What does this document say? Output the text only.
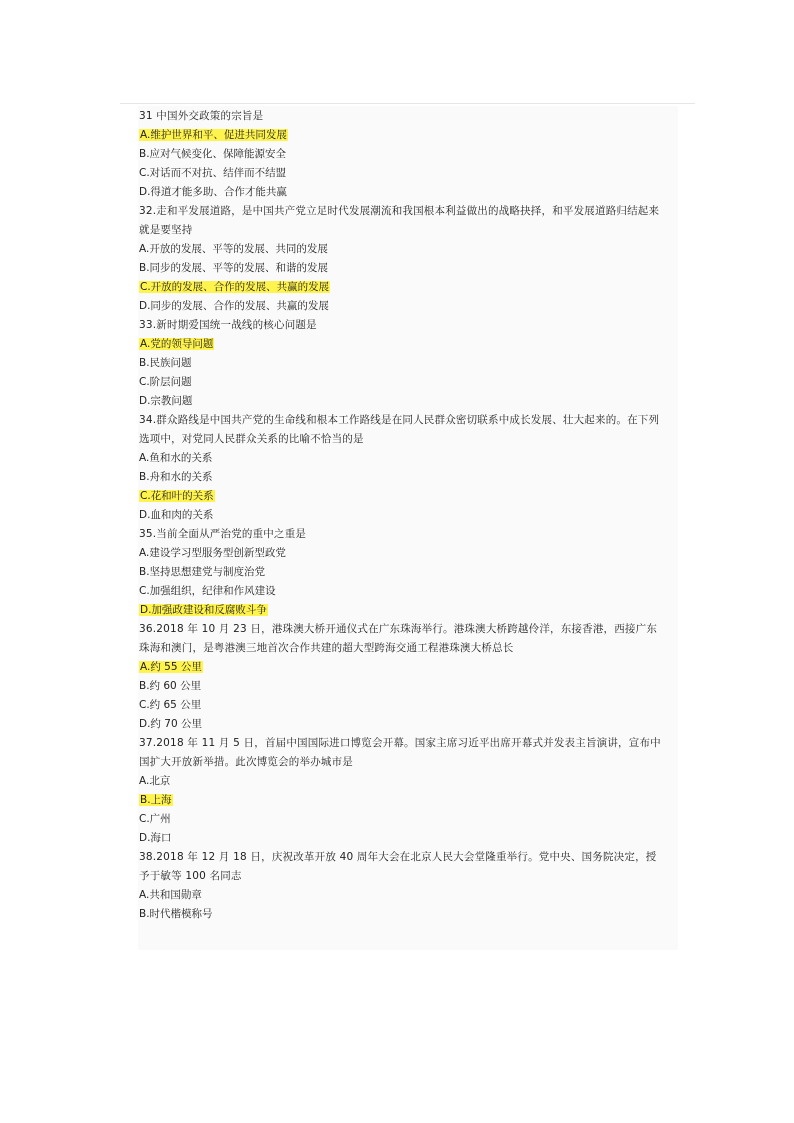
31 中国外交政策的宗旨是
A.维护世界和平、促进共同发展
B.应对气候变化、保障能源安全
C.对话而不对抗、结伴而不结盟
D.得道才能多助、合作才能共赢
32.走和平发展道路，是中国共产党立足时代发展潮流和我国根本利益做出的战略抉择，和平发展道路归结起来就是要坚持
A.开放的发展、平等的发展、共同的发展
B.同步的发展、平等的发展、和谐的发展
C.开放的发展、合作的发展、共赢的发展
D.同步的发展、合作的发展、共赢的发展
33.新时期爱国统一战线的核心问题是
A.党的领导问题
B.民族问题
C.阶层问题
D.宗教问题
34.群众路线是中国共产党的生命线和根本工作路线是在同人民群众密切联系中成长发展、壮大起来的。在下列选项中，对党同人民群众关系的比喻不恰当的是
A.鱼和水的关系
B.舟和水的关系
C.花和叶的关系
D.血和肉的关系
35.当前全面从严治党的重中之重是
A.建设学习型服务型创新型政党
B.坚持思想建党与制度治党
C.加强组织，纪律和作风建设
D.加强政建设和反腐败斗争
36.2018 年 10 月 23 日，港珠澳大桥开通仪式在广东珠海举行。港珠澳大桥跨越伶洋，东接香港，西接广东珠海和澳门，是粤港澳三地首次合作共建的超大型跨海交通工程港珠澳大桥总长
A.约 55 公里
B.约 60 公里
C.约 65 公里
D.约 70 公里
37.2018 年 11 月 5 日，首届中国国际进口博览会开幕。国家主席习近平出席开幕式并发表主旨演讲，宣布中国扩大开放新举措。此次博览会的举办城市是
A.北京
B.上海
C.广州
D.海口
38.2018 年 12 月 18 日，庆祝改革开放 40 周年大会在北京人民大会堂隆重举行。党中央、国务院决定，授予于敏等 100 名同志
A.共和国勋章
B.时代楷模称号
